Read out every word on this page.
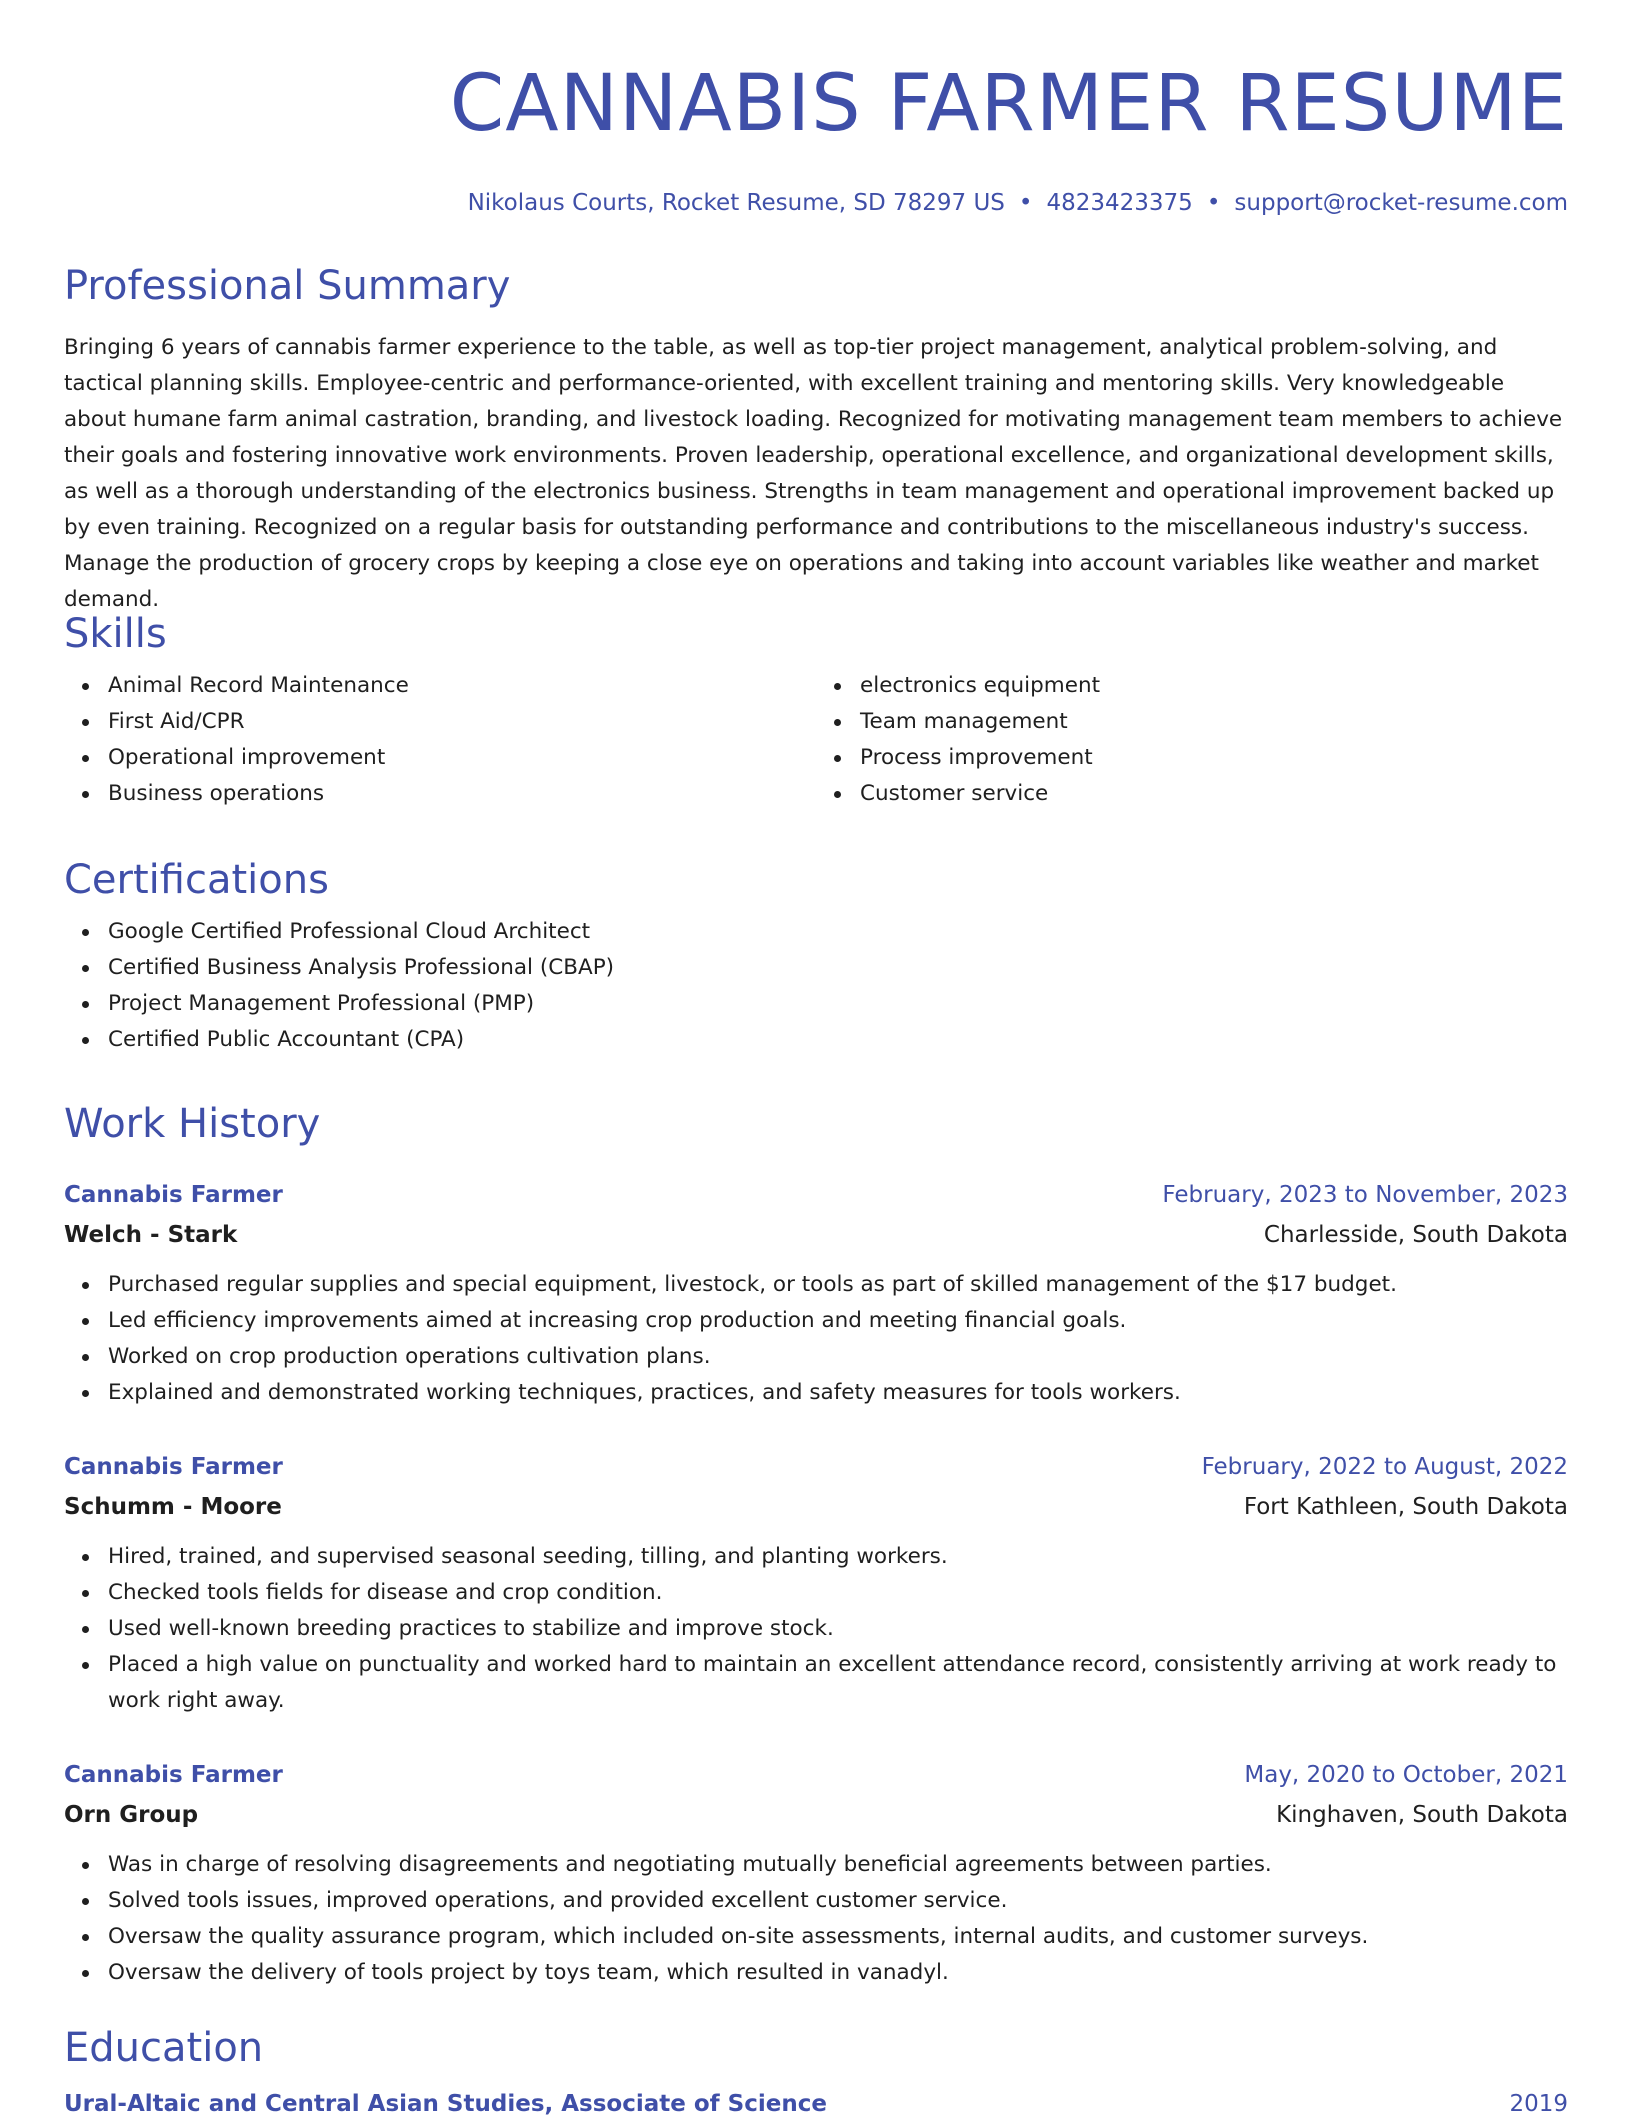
CANNABIS FARMER RESUME
Nikolaus Courts, Rocket Resume, SD 78297 US • 4823423375 • support@rocket-resume.com
Professional Summary

Bringing 6 years of cannabis farmer experience to the table, as well as top-tier project management, analytical problem-solving, and tactical planning skills. Employee-centric and performance-oriented, with excellent training and mentoring skills. Very knowledgeable about humane farm animal castration, branding, and livestock loading. Recognized for motivating management team members to achieve their goals and fostering innovative work environments. Proven leadership, operational excellence, and organizational development skills, as well as a thorough understanding of the electronics business. Strengths in team management and operational improvement backed up by even training. Recognized on a regular basis for outstanding performance and contributions to the miscellaneous industry's success. Manage the production of grocery crops by keeping a close eye on operations and taking into account variables like weather and market demand.

Skills
Animal Record Maintenance
First Aid/CPR
Operational improvement
Business operations
electronics equipment
Team management
Process improvement
Customer service
Certifications
Google Certified Professional Cloud Architect
Certified Business Analysis Professional (CBAP)
Project Management Professional (PMP)
Certified Public Accountant (CPA)
Work History
Cannabis Farmer	February, 2023 to November, 2023
Welch - Stark	Charlesside, South Dakota
Purchased regular supplies and special equipment, livestock, or tools as part of skilled management of the $17 budget.
Led efficiency improvements aimed at increasing crop production and meeting financial goals.
Worked on crop production operations cultivation plans.
Explained and demonstrated working techniques, practices, and safety measures for tools workers.
Cannabis Farmer	February, 2022 to August, 2022
Schumm - Moore	Fort Kathleen, South Dakota
Hired, trained, and supervised seasonal seeding, tilling, and planting workers.
Checked tools fields for disease and crop condition.
Used well-known breeding practices to stabilize and improve stock.
Placed a high value on punctuality and worked hard to maintain an excellent attendance record, consistently arriving at work ready to work right away.
Cannabis Farmer	May, 2020 to October, 2021
Orn Group	Kinghaven, South Dakota
Was in charge of resolving disagreements and negotiating mutually beneficial agreements between parties.
Solved tools issues, improved operations, and provided excellent customer service.
Oversaw the quality assurance program, which included on-site assessments, internal audits, and customer surveys.
Oversaw the delivery of tools project by toys team, which resulted in vanadyl.
Education
Ural-Altaic and Central Asian Studies, Associate of Science	2019
